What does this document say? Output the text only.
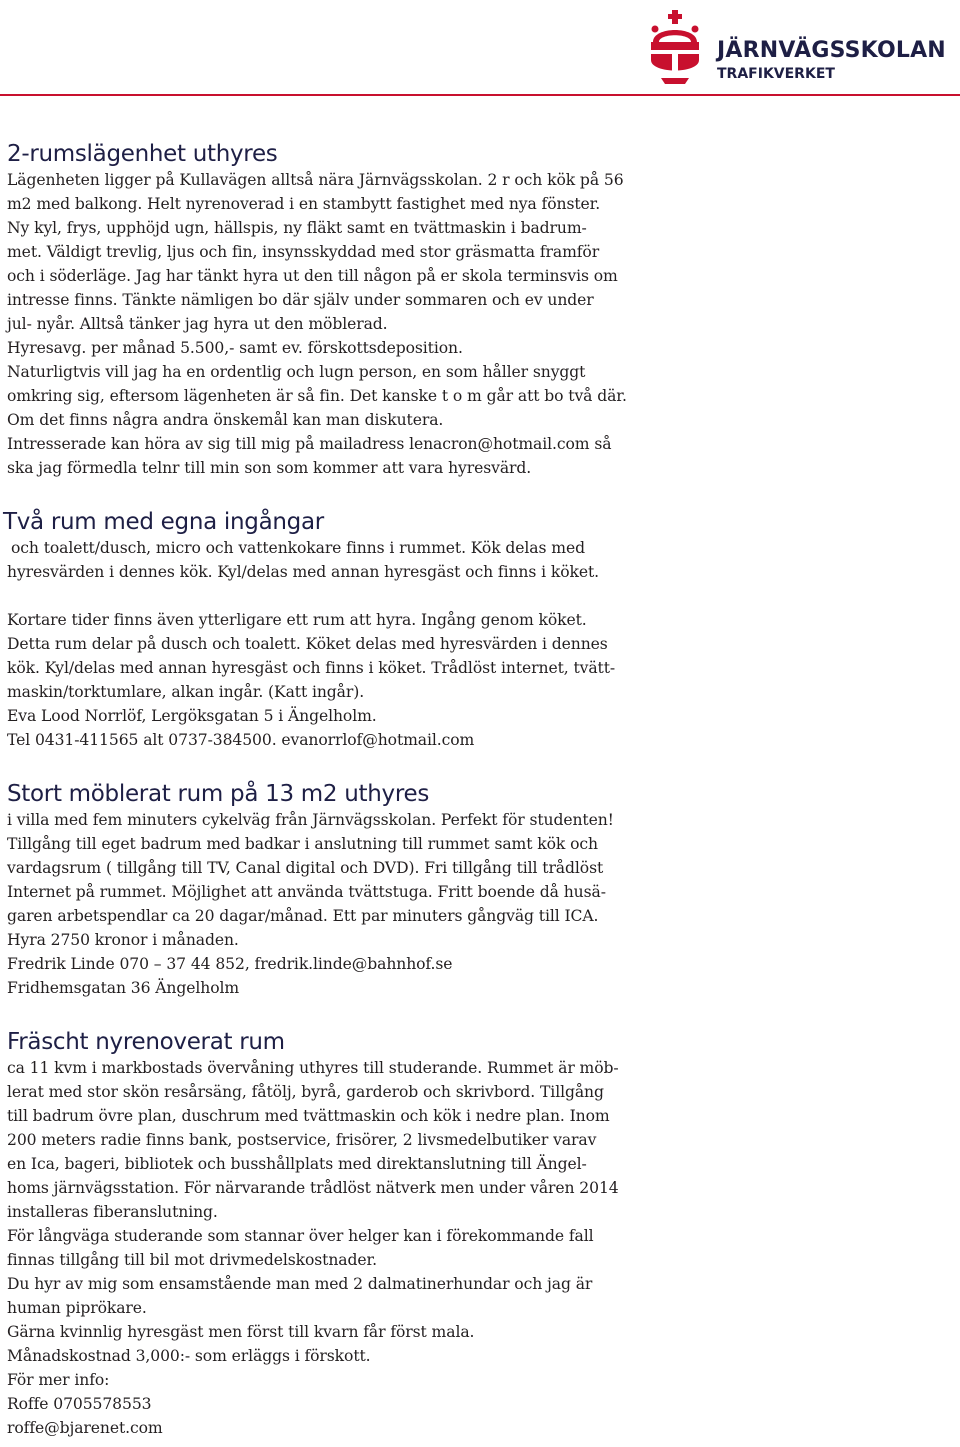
JÄRNVÄGSSKOLAN
TRAFIKVERKET
2-rumslägenhet uthyres
Lägenheten ligger på Kullavägen alltså nära Järnvägsskolan. 2 r och kök på 56
m2 med balkong. Helt nyrenoverad i en stambytt fastighet med nya fönster.
Ny kyl, frys, upphöjd ugn, hällspis, ny fläkt samt en tvättmaskin i badrum-
met. Väldigt trevlig, ljus och fin, insynsskyddad med stor gräsmatta framför
och i söderläge. Jag har tänkt hyra ut den till någon på er skola terminsvis om
intresse finns. Tänkte nämligen bo där själv under sommaren och ev under
jul- nyår. Alltså tänker jag hyra ut den möblerad.
Hyresavg. per månad 5.500,- samt ev. förskottsdeposition.
Naturligtvis vill jag ha en ordentlig och lugn person, en som håller snyggt
omkring sig, eftersom lägenheten är så fin. Det kanske t o m går att bo två där.
Om det finns några andra önskemål kan man diskutera.
Intresserade kan höra av sig till mig på mailadress lenacron@hotmail.com så
ska jag förmedla telnr till min son som kommer att vara hyresvärd.
Två rum med egna ingångar
och toalett/dusch, micro och vattenkokare finns i rummet. Kök delas med
hyresvärden i dennes kök. Kyl/delas med annan hyresgäst och finns i köket.
Kortare tider finns även ytterligare ett rum att hyra. Ingång genom köket.
Detta rum delar på dusch och toalett. Köket delas med hyresvärden i dennes
kök. Kyl/delas med annan hyresgäst och finns i köket. Trådlöst internet, tvätt-
maskin/torktumlare, alkan ingår. (Katt ingår).
Eva Lood Norrlöf, Lergöksgatan 5 i Ängelholm.
Tel 0431-411565 alt 0737-384500. evanorrlof@hotmail.com
Stort möblerat rum på 13 m2 uthyres
i villa med fem minuters cykelväg från Järnvägsskolan. Perfekt för studenten!
Tillgång till eget badrum med badkar i anslutning till rummet samt kök och
vardagsrum ( tillgång till TV, Canal digital och DVD). Fri tillgång till trådlöst
Internet på rummet. Möjlighet att använda tvättstuga. Fritt boende då husä-
garen arbetspendlar ca 20 dagar/månad. Ett par minuters gångväg till ICA.
Hyra 2750 kronor i månaden.
Fredrik Linde 070 – 37 44 852, fredrik.linde@bahnhof.se
Fridhemsgatan 36 Ängelholm
Fräscht nyrenoverat rum
ca 11 kvm i markbostads övervåning uthyres till studerande. Rummet är möb-
lerat med stor skön resårsäng, fåtölj, byrå, garderob och skrivbord. Tillgång
till badrum övre plan, duschrum med tvättmaskin och kök i nedre plan. Inom
200 meters radie finns bank, postservice, frisörer, 2 livsmedelbutiker varav
en Ica, bageri, bibliotek och busshållplats med direktanslutning till Ängel-
homs järnvägsstation. För närvarande trådlöst nätverk men under våren 2014
installeras fiberanslutning.
För långväga studerande som stannar över helger kan i förekommande fall
finnas tillgång till bil mot drivmedelskostnader.
Du hyr av mig som ensamstående man med 2 dalmatinerhundar och jag är
human piprökare.
Gärna kvinnlig hyresgäst men först till kvarn får först mala.
Månadskostnad 3,000:- som erläggs i förskott.
För mer info:
Roffe 0705578553
roffe@bjarenet.com
